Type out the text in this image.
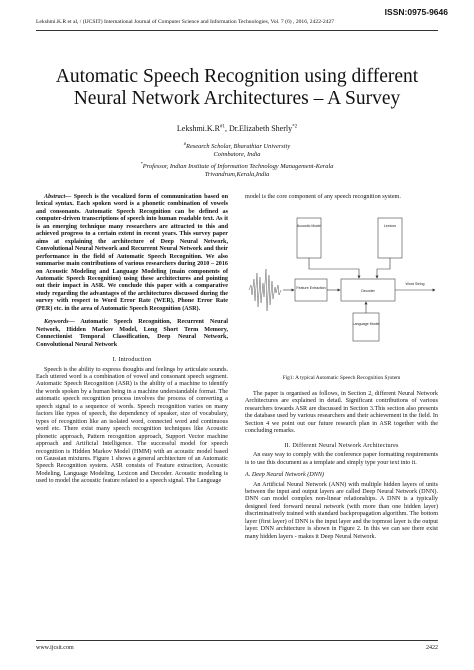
ISSN:0975-9646
Lekshmi.K.R et al, / (IJCSIT) International Journal of Computer Science and Information Technologies, Vol. 7 (6) , 2016, 2422-2427
Automatic Speech Recognition using different
Neural Network Architectures – A Survey
$Lekshmi.K.R^{\#1}$, Dr.Elizabeth Sherly$^{*2}$
#Research Scholar, Bharathiar University
Coimbatore, India
*Professor, Indian Institute of Information Technology Management-Kerala
Trivandrum,Kerala,India

Abstract— Speech is the vocalized form of communication based on lexical syntax. Each spoken word is a phonetic combination of vowels and consonants. Automatic Speech Recognition can be defined as computer-driven transcriptions of speech into human readable text. As it is an emerging technique many researchers are attracted to this and achieved progress to a certain extent in recent years. This survey paper aims at explaining the architecture of Deep Neural Network, Convolutional Neural Network and Recurrent Neural Network and their performance in the field of Automatic Speech Recognition. We also summarise main contributions of various researchers during 2010 – 2016 on Acoustic Modeling and Language Modeling (main components of Automatic Speech Recognition) using these architectures and pointing out their impact in ASR. We conclude this paper with a comparative study regarding the advantages of the architectures discussed during the survey with respect to Word Error Rate (WER), Phone Error Rate (PER) etc. in the area of Automatic Speech Recognition (ASR).

Keywords— Automatic Speech Recognition, Recurrent Neural Network, Hidden Markov Model, Long Short Term Memory, Connectionist Temporal Classification, Deep Neural Network, Convolutional Neural Network

I. Introduction

Speech is the ability to express thoughts and feelings by articulate sounds. Each uttered word is a combination of vowel and consonant speech segment. Automatic Speech Recognition (ASR) is the ability of a machine to identify the words spoken by a human being in a machine understandable format. The automatic speech recognition process involves the process of converting a speech signal to a sequence of words. Speech recognition varies on many factors like types of speech, the dependency of speaker, size of vocabulary, types of recognition like an isolated word, connected word and continuous word etc. There exist many speech recognition techniques like Acoustic phonetic approach, Pattern recognition approach, Support Vector machine approach and Artificial Intelligence. The successful model for speech recognition is Hidden Markov Model (HMM) with an acoustic model based on Gaussian mixtures. Figure 1 shows a general architecture of an Automatic Speech Recognition system. ASR consists of Feature extraction, Acoustic Modeling, Language Modeling, Lexicon and Decoder. Acoustic modeling is used to model the acoustic feature related to a speech signal. The Language

model is the core component of any speech recognition system.
Acoustic Model	Lexicon
Feature Extraction
Decoder
Language Model
Word String
Fig1: A typical Automatic Speech Recognition System

The paper is organised as follows, in Section 2, different Neural Network Architectures are explained in detail. Significant contributions of various researchers towards ASR are discussed in Section 3.This section also presents the database used by various researchers and their achievement in the field. In Section 4 we point out our future research plan in ASR together with the concluding remarks.

II. Different Neural Network Architectures

An easy way to comply with the conference paper formatting requirements is to use this document as a template and simply type your text into it.

A. Deep Neural Network (DNN)

An Artificial Neural Network (ANN) with multiple hidden layers of units between the input and output layers are called Deep Neural Network (DNN). DNN can model complex non-linear relationships. A DNN is a typically designed feed forward neural network (with more than one hidden layer) discriminatively trained with standard backpropagation algorithm. The bottom layer (first layer) of DNN is the input layer and the topmost layer is the output layer. DNN architecture is shown in Figure 2. In this we can see there exist many hidden layers - makes it Deep Neural Network.

www.ijcsit.com	2422
